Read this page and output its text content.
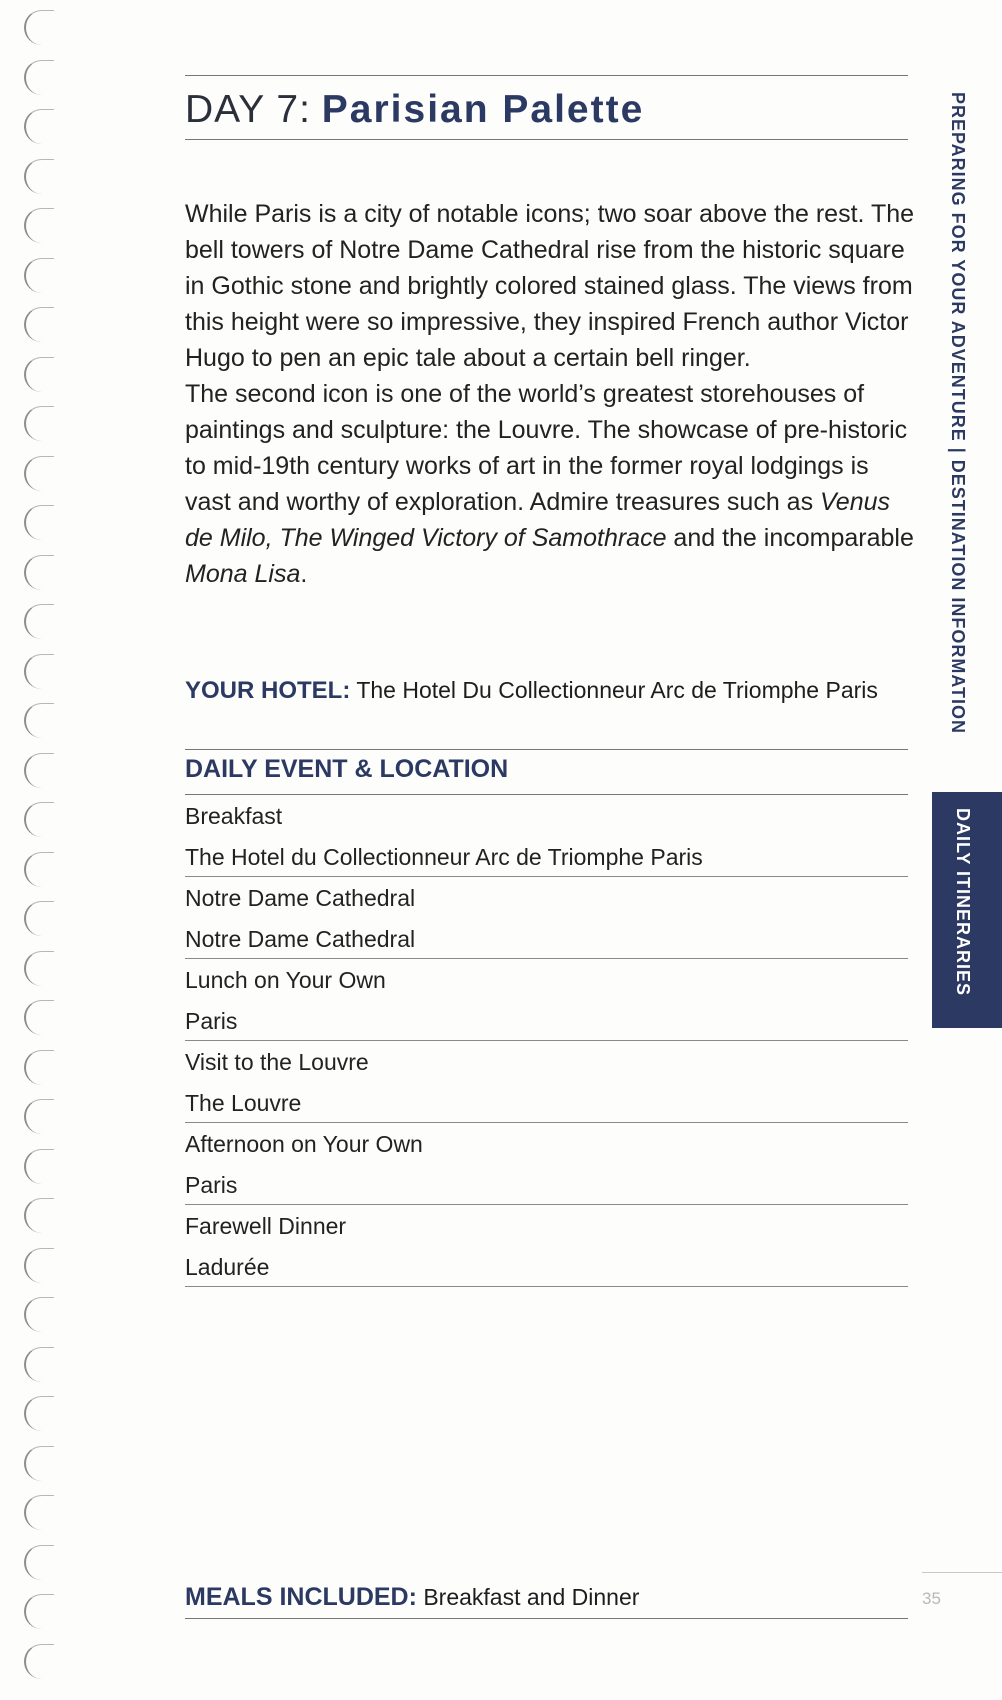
DAY 7: Parisian Palette

While Paris is a city of notable icons; two soar above the rest. The bell towers of Notre Dame Cathedral rise from the historic square in Gothic stone and brightly colored stained glass. The views from this height were so impressive, they inspired French author Victor Hugo to pen an epic tale about a certain bell ringer.

The second icon is one of the world’s greatest storehouses of paintings and sculpture: the Louvre. The showcase of pre-historic to mid-19th century works of art in the former royal lodgings is vast and worthy of exploration. Admire treasures such as Venus de Milo, The Winged Victory of Samothrace and the incomparable Mona Lisa.

YOUR HOTEL: The Hotel Du Collectionneur Arc de Triomphe Paris
DAILY EVENT & LOCATION
Breakfast
The Hotel du Collectionneur Arc de Triomphe Paris
Notre Dame Cathedral
Notre Dame Cathedral
Lunch on Your Own
Paris
Visit to the Louvre
The Louvre
Afternoon on Your Own
Paris
Farewell Dinner
Ladurée
MEALS INCLUDED: Breakfast and Dinner
PREPARING FOR YOUR ADVENTURE | DESTINATION INFORMATION
DAILY ITINERARIES
35
